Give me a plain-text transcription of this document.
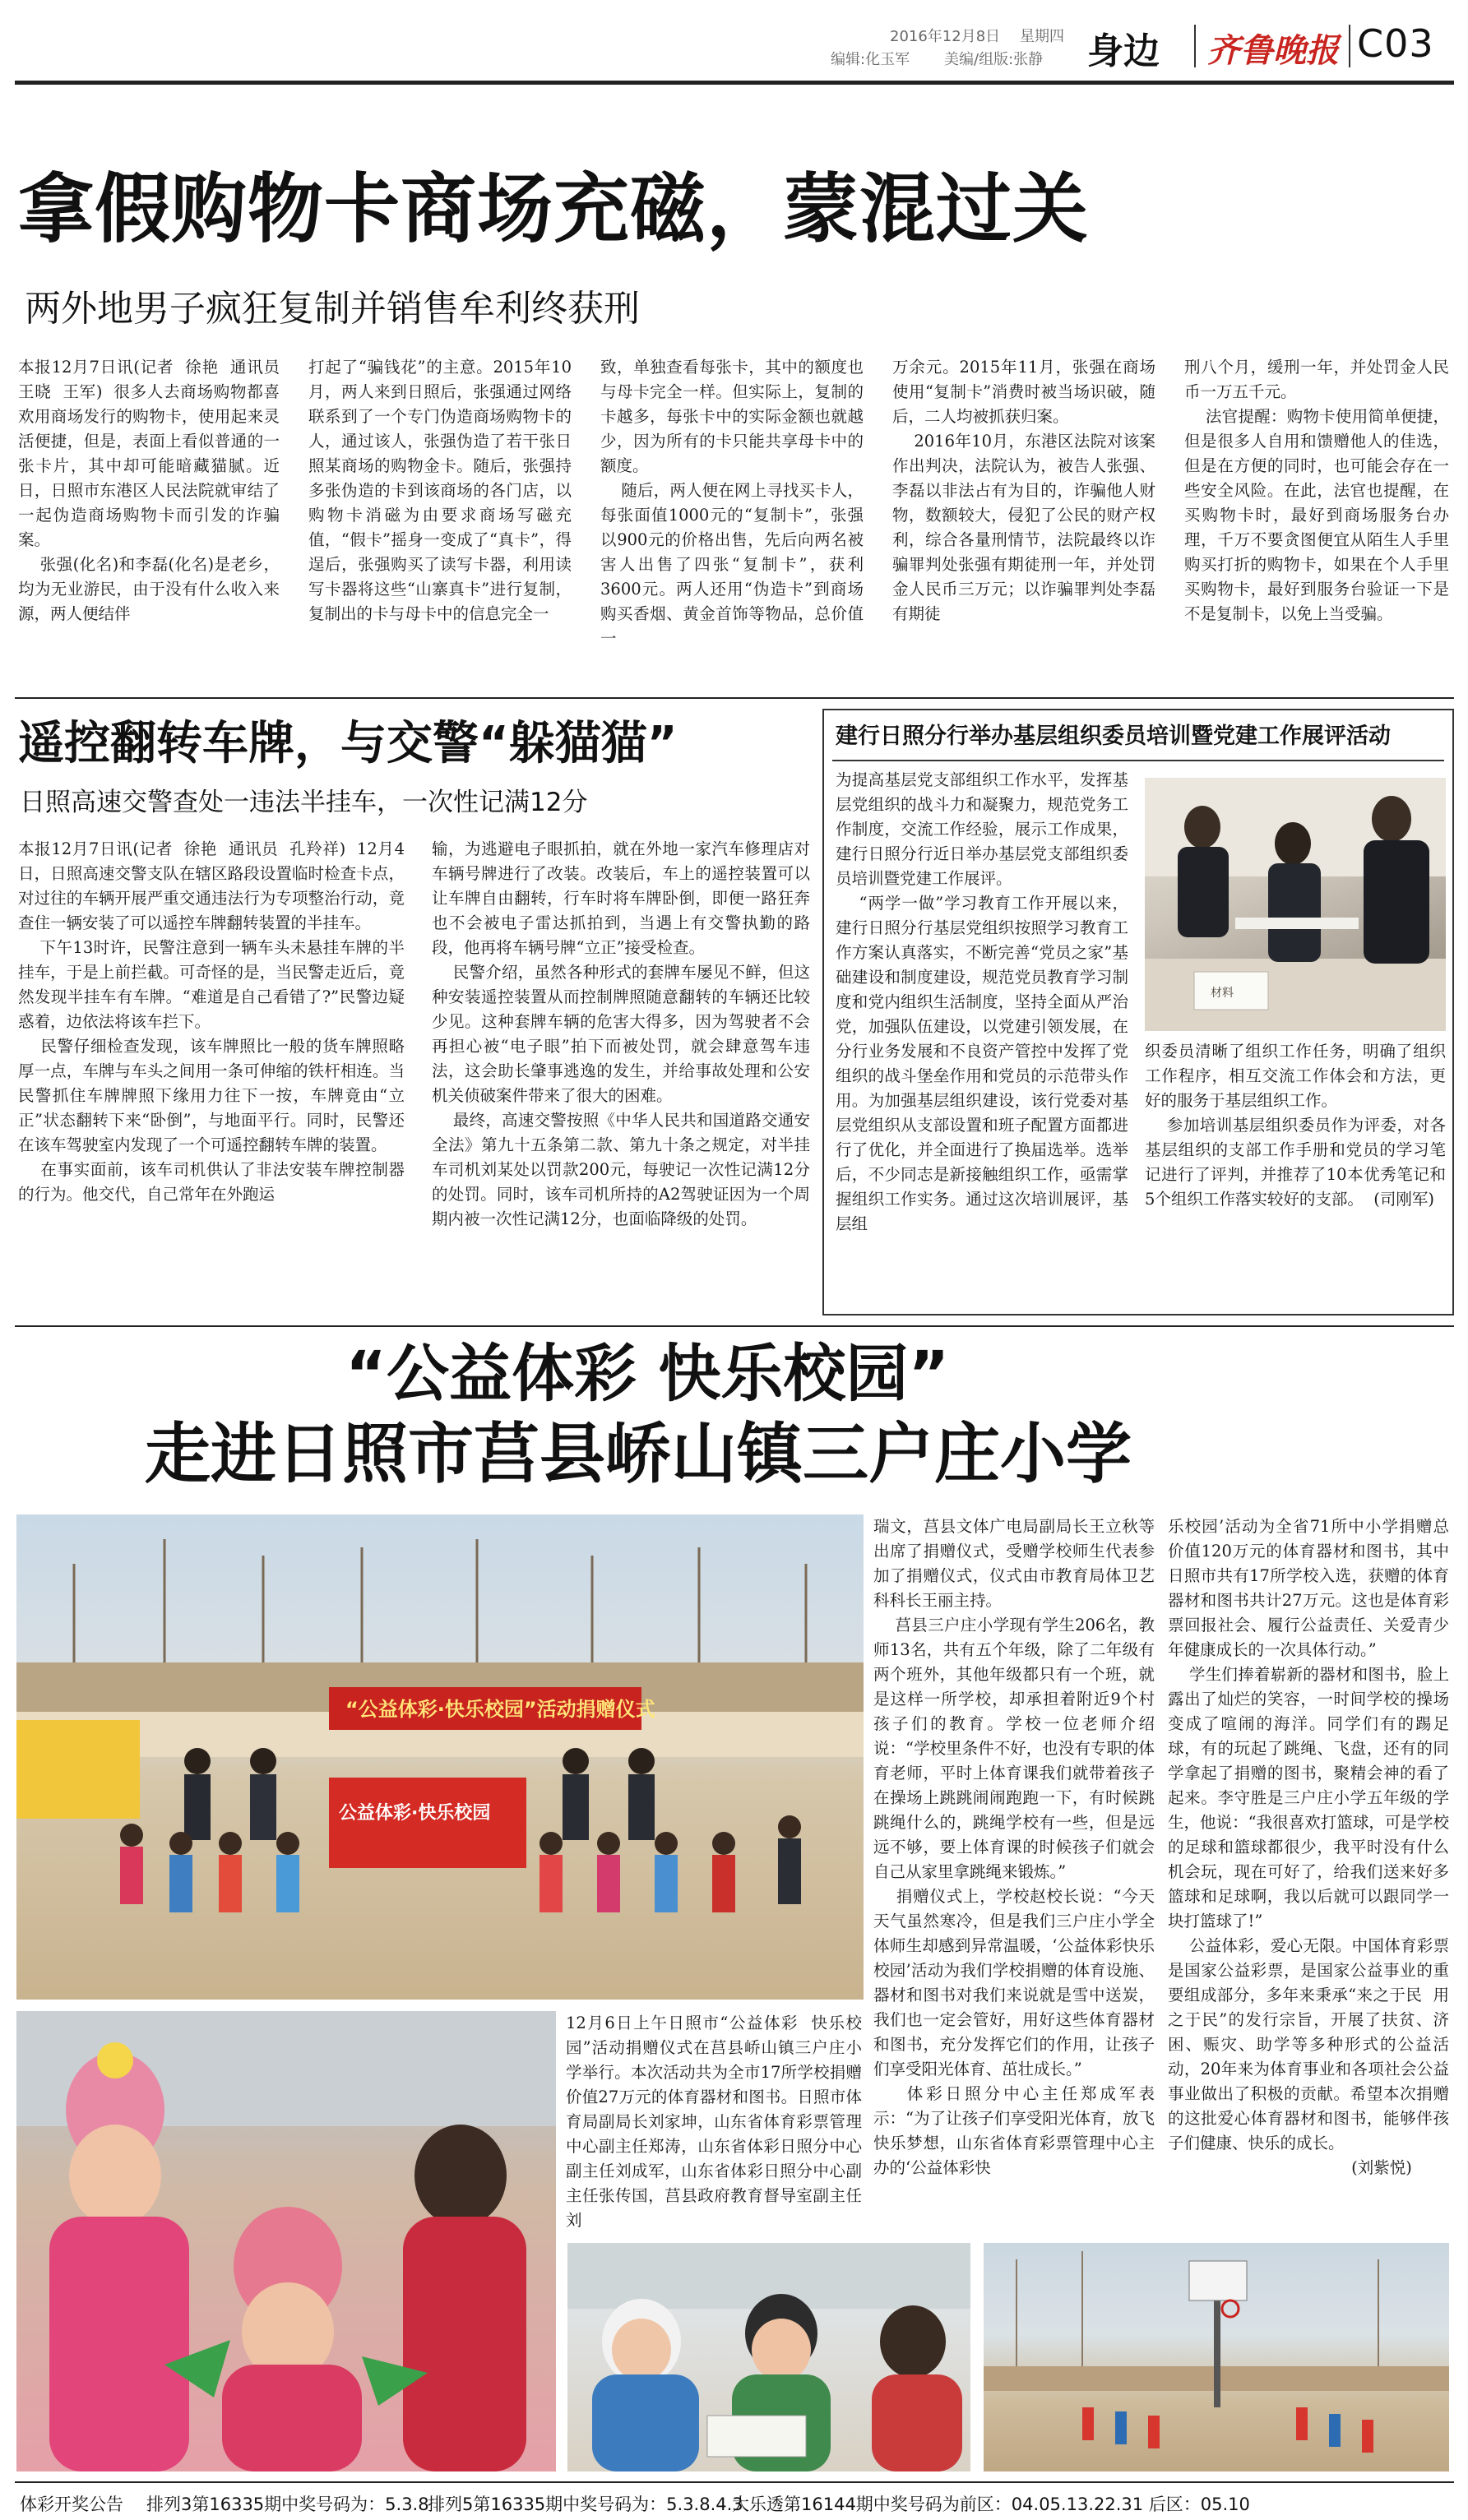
2016年12月8日 星期四
编辑:化玉军 美编/组版:张静 身边 齐鲁晚报 C03
拿假购物卡商场充磁，蒙混过关
两外地男子疯狂复制并销售牟利终获刑
本报12月7日讯(记者  徐艳  通讯员  王晓  王军)  很多人去商场购物都喜欢用商场发行的购物卡，使用起来灵活便捷，但是，表面上看似普通的一张卡片，其中却可能暗藏猫腻。近日，日照市东港区人民法院就审结了一起伪造商场购物卡而引发的诈骗案。
张强(化名)和李磊(化名)是老乡，均为无业游民，由于没有什么收入来源，两人便结伴
打起了“骗钱花”的主意。2015年10月，两人来到日照后，张强通过网络联系到了一个专门伪造商场购物卡的人，通过该人，张强伪造了若干张日照某商场的购物金卡。随后，张强持多张伪造的卡到该商场的各门店，以购物卡消磁为由要求商场写磁充值，“假卡”摇身一变成了“真卡”，得逞后，张强购买了读写卡器，利用读写卡器将这些“山寨真卡”进行复制，复制出的卡与母卡中的信息完全一
致，单独查看每张卡，其中的额度也与母卡完全一样。但实际上，复制的卡越多，每张卡中的实际金额也就越少，因为所有的卡只能共享母卡中的额度。
随后，两人便在网上寻找买卡人，每张面值1000元的“复制卡”，张强以900元的价格出售，先后向两名被害人出售了四张“复制卡”，获利3600元。两人还用“伪造卡”到商场购买香烟、黄金首饰等物品，总价值一
万余元。2015年11月，张强在商场使用“复制卡”消费时被当场识破，随后，二人均被抓获归案。
2016年10月，东港区法院对该案作出判决，法院认为，被告人张强、李磊以非法占有为目的，诈骗他人财物，数额较大，侵犯了公民的财产权利，综合各量刑情节，法院最终以诈骗罪判处张强有期徒刑一年，并处罚金人民币三万元；以诈骗罪判处李磊有期徒
刑八个月，缓刑一年，并处罚金人民币一万五千元。
法官提醒：购物卡使用简单便捷，但是很多人自用和馈赠他人的佳选，但是在方便的同时，也可能会存在一些安全风险。在此，法官也提醒，在买购物卡时，最好到商场服务台办理，千万不要贪图便宜从陌生人手里购买打折的购物卡，如果在个人手里买购物卡，最好到服务台验证一下是不是复制卡，以免上当受骗。
遥控翻转车牌，与交警“躲猫猫”
日照高速交警查处一违法半挂车，一次性记满12分
本报12月7日讯(记者  徐艳  通讯员  孔羚祥)  12月4日，日照高速交警支队在辖区路段设置临时检查卡点，对过往的车辆开展严重交通违法行为专项整治行动，竟查住一辆安装了可以遥控车牌翻转装置的半挂车。
下午13时许，民警注意到一辆车头未悬挂车牌的半挂车，于是上前拦截。可奇怪的是，当民警走近后，竟然发现半挂车有车牌。“难道是自己看错了?”民警边疑惑着，边依法将该车拦下。
民警仔细检查发现，该车牌照比一般的货车牌照略厚一点，车牌与车头之间用一条可伸缩的铁杆相连。当民警抓住车牌牌照下缘用力往下一按，车牌竟由“立正”状态翻转下来“卧倒”，与地面平行。同时，民警还在该车驾驶室内发现了一个可遥控翻转车牌的装置。
在事实面前，该车司机供认了非法安装车牌控制器的行为。他交代，自己常年在外跑运
输，为逃避电子眼抓拍，就在外地一家汽车修理店对车辆号牌进行了改装。改装后，车上的遥控装置可以让车牌自由翻转，行车时将车牌卧倒，即便一路狂奔也不会被电子雷达抓拍到，当遇上有交警执勤的路段，他再将车辆号牌“立正”接受检查。
民警介绍，虽然各种形式的套牌车屡见不鲜，但这种安装遥控装置从而控制牌照随意翻转的车辆还比较少见。这种套牌车辆的危害大得多，因为驾驶者不会再担心被“电子眼”拍下而被处罚，就会肆意驾车违法，这会助长肇事逃逸的发生，并给事故处理和公安机关侦破案件带来了很大的困难。
最终，高速交警按照《中华人民共和国道路交通安全法》第九十五条第二款、第九十条之规定，对半挂车司机刘某处以罚款200元，每驶记一次性记满12分的处罚。同时，该车司机所持的A2驾驶证因为一个周期内被一次性记满12分，也面临降级的处罚。
建行日照分行举办基层组织委员培训暨党建工作展评活动
为提高基层党支部组织工作水平，发挥基层党组织的战斗力和凝聚力，规范党务工作制度，交流工作经验，展示工作成果，建行日照分行近日举办基层党支部组织委员培训暨党建工作展评。
“两学一做”学习教育工作开展以来，建行日照分行基层党组织按照学习教育工作方案认真落实，不断完善“党员之家”基础建设和制度建设，规范党员教育学习制度和党内组织生活制度，坚持全面从严治党，加强队伍建设，以党建引领发展，在分行业务发展和不良资产管控中发挥了党组织的战斗堡垒作用和党员的示范带头作用。为加强基层组织建设，该行党委对基层党组织从支部设置和班子配置方面都进行了优化，并全面进行了换届选举。选举后，不少同志是新接触组织工作，亟需掌握组织工作实务。通过这次培训展评，基层组
材料
织委员清晰了组织工作任务，明确了组织工作程序，相互交流工作体会和方法，更好的服务于基层组织工作。
参加培训基层组织委员作为评委，对各基层组织的支部工作手册和党员的学习笔记进行了评判，并推荐了10本优秀笔记和5个组织工作落实较好的支部。  (司刚军)
“公益体彩 快乐校园”
走进日照市莒县峤山镇三户庄小学
“公益体彩·快乐校园”活动捐赠仪式
公益体彩·快乐校园
12月6日上午日照市“公益体彩  快乐校园”活动捐赠仪式在莒县峤山镇三户庄小学举行。本次活动共为全市17所学校捐赠价值27万元的体育器材和图书。日照市体育局副局长刘家坤，山东省体育彩票管理中心副主任郑涛，山东省体彩日照分中心副主任刘成军，山东省体彩日照分中心副主任张传国，莒县政府教育督导室副主任刘
瑞文，莒县文体广电局副局长王立秋等出席了捐赠仪式，受赠学校师生代表参加了捐赠仪式，仪式由市教育局体卫艺科科长王丽主持。
莒县三户庄小学现有学生206名，教师13名，共有五个年级，除了二年级有两个班外，其他年级都只有一个班，就是这样一所学校，却承担着附近9个村孩子们的教育。学校一位老师介绍说：“学校里条件不好，也没有专职的体育老师，平时上体育课我们就带着孩子在操场上跳跳闹闹跑跑一下，有时候跳跳绳什么的，跳绳学校有一些，但是远远不够，要上体育课的时候孩子们就会自己从家里拿跳绳来锻炼。”
捐赠仪式上，学校赵校长说：“今天天气虽然寒冷，但是我们三户庄小学全体师生却感到异常温暖，‘公益体彩快乐校园’活动为我们学校捐赠的体育设施、器材和图书对我们来说就是雪中送炭，我们也一定会管好，用好这些体育器材和图书，充分发挥它们的作用，让孩子们享受阳光体育、茁壮成长。”
体彩日照分中心主任郑成军表示：“为了让孩子们享受阳光体育，放飞快乐梦想，山东省体育彩票管理中心主办的‘公益体彩快
乐校园’活动为全省71所中小学捐赠总价值120万元的体育器材和图书，其中日照市共有17所学校入选，获赠的体育器材和图书共计27万元。这也是体育彩票回报社会、履行公益责任、关爱青少年健康成长的一次具体行动。”
学生们捧着崭新的器材和图书，脸上露出了灿烂的笑容，一时间学校的操场变成了喧闹的海洋。同学们有的踢足球，有的玩起了跳绳、飞盘，还有的同学拿起了捐赠的图书，聚精会神的看了起来。李守胜是三户庄小学五年级的学生，他说：“我很喜欢打篮球，可是学校的足球和篮球都很少，我平时没有什么机会玩，现在可好了，给我们送来好多篮球和足球啊，我以后就可以跟同学一块打篮球了!”
公益体彩，爱心无限。中国体育彩票是国家公益彩票，是国家公益事业的重要组成部分，多年来秉承“来之于民  用之于民”的发行宗旨，开展了扶贫、济困、赈灾、助学等多种形式的公益活动，20年来为体育事业和各项社会公益事业做出了积极的贡献。希望本次捐赠的这批爱心体育器材和图书，能够伴孩子们健康、快乐的成长。
(刘紫悦)
体彩开奖公告 排列3第16335期中奖号码为：5.3.8
排列5第16335期中奖号码为：5.3.8.4.3
大乐透第16144期中奖号码为前区：04.05.13.22.31 后区：05.10
